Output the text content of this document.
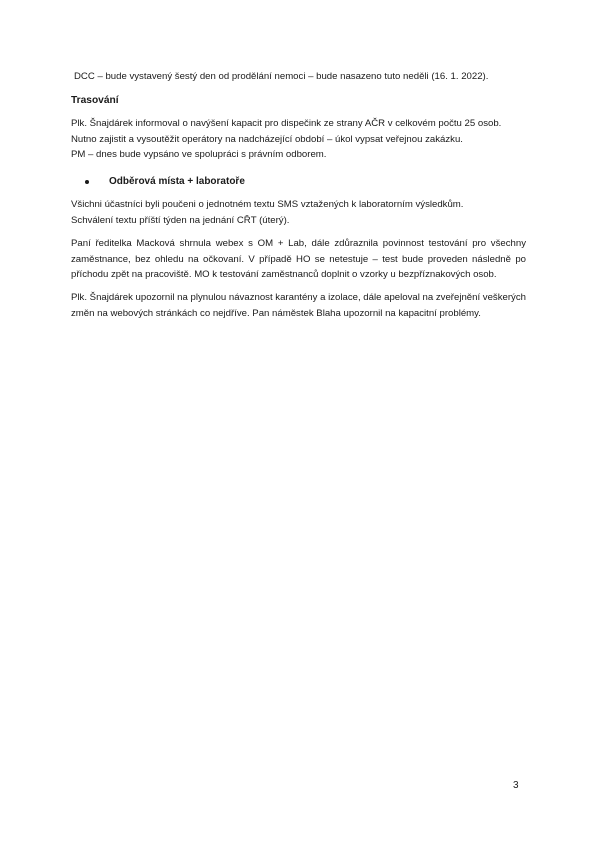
DCC – bude vystavený šestý den od prodělání nemoci – bude nasazeno tuto neděli (16. 1. 2022).

Trasování
Plk. Šnajdárek informoval o navýšení kapacit pro dispečink ze strany AČR v celkovém počtu 25 osob.
Nutno zajistit a vysoutěžit operátory na nadcházející období – úkol vypsat veřejnou zakázku.
PM – dnes bude vypsáno ve spolupráci s právním odborem.
Odběrová místa + laboratoře
Všichni účastníci byli poučeni o jednotném textu SMS vztažených k laboratorním výsledkům.
Schválení textu příští týden na jednání CŘT (úterý).

Paní ředitelka Macková shrnula webex s OM + Lab, dále zdůraznila povinnost testování pro všechny zaměstnance, bez ohledu na očkovaní. V případě HO se netestuje – test bude proveden následně po příchodu zpět na pracoviště. MO k testování zaměstnanců doplnit o vzorky u bezpříznakových osob.

Plk. Šnajdárek upozornil na plynulou návaznost karantény a izolace, dále apeloval na zveřejnění veškerých změn na webových stránkách co nejdříve. Pan náměstek Blaha upozornil na kapacitní problémy.

3
